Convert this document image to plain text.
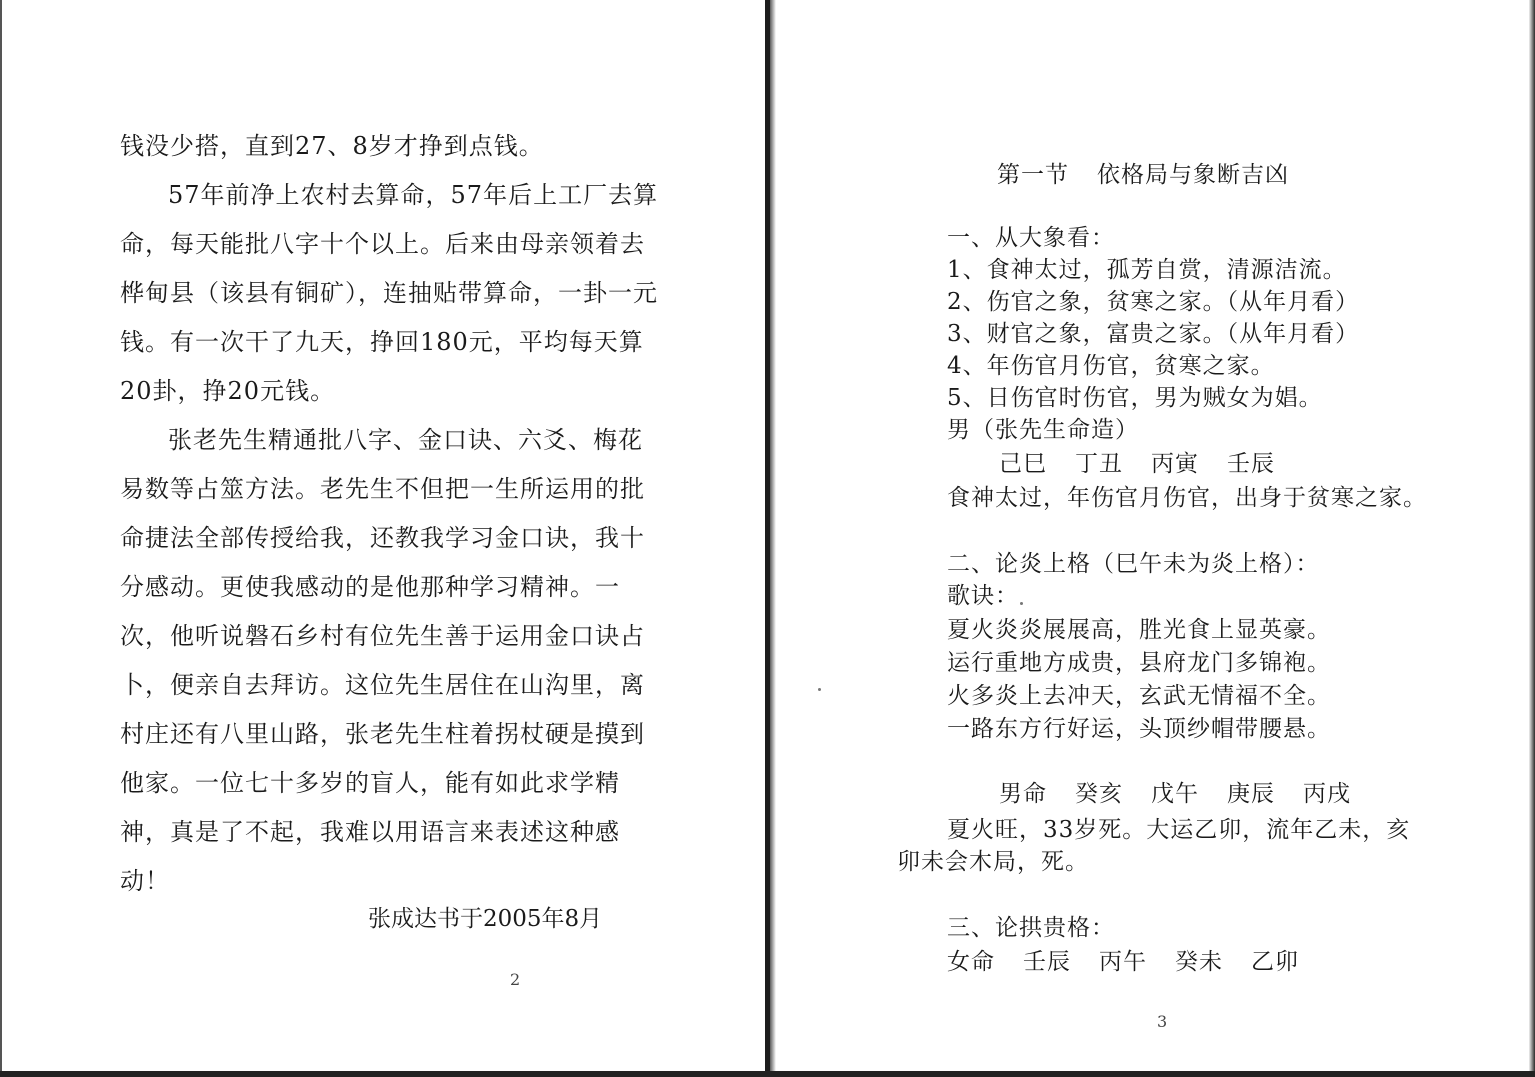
钱没少搭，直到27、8岁才挣到点钱。

57年前净上农村去算命，57年后上工厂去算命，每天能批八字十个以上。后来由母亲领着去桦甸县（该县有铜矿），连抽贴带算命，一卦一元钱。有一次干了九天，挣回180元，平均每天算20卦，挣20元钱。

张老先生精通批八字、金口诀、六爻、梅花易数等占筮方法。老先生不但把一生所运用的批命捷法全部传授给我，还教我学习金口诀，我十分感动。更使我感动的是他那种学习精神。一次，他听说磐石乡村有位先生善于运用金口诀占卜，便亲自去拜访。这位先生居住在山沟里，离村庄还有八里山路，张老先生柱着拐杖硬是摸到他家。一位七十多岁的盲人，能有如此求学精神，真是了不起，我难以用语言来表述这种感动！

张成达书于2005年8月
2
第一节 依格局与象断吉凶
一、从大象看：
1、食神太过，孤芳自赏，清源洁流。
2、伤官之象，贫寒之家。（从年月看）
3、财官之象，富贵之家。（从年月看）
4、年伤官月伤官，贫寒之家。
5、日伤官时伤官，男为贼女为娼。
男（张先生命造）
己巳 丁丑 丙寅 壬辰
食神太过，年伤官月伤官，出身于贫寒之家。
二、论炎上格（巳午未为炎上格）：
歌诀：
夏火炎炎展展高，胜光食上显英豪。
运行重地方成贵，县府龙门多锦袍。
火多炎上去冲天，玄武无情福不全。
一路东方行好运，头顶纱帽带腰悬。
男命 癸亥 戊午 庚辰 丙戌
夏火旺，33岁死。大运乙卯，流年乙未，亥
卯未会木局，死。
三、论拱贵格：
女命 壬辰 丙午 癸未 乙卯
3
